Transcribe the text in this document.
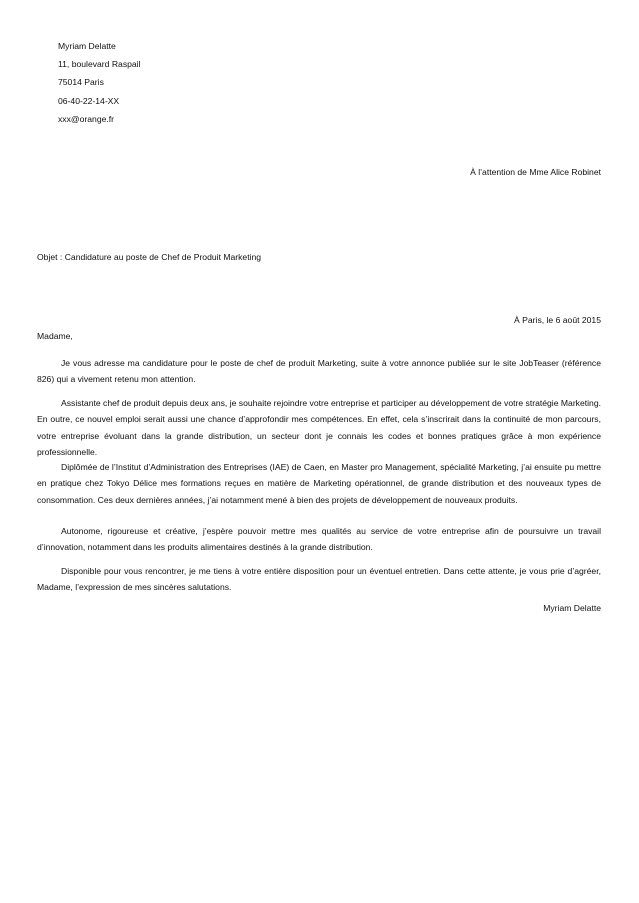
Myriam Delatte
11, boulevard Raspail
75014 Paris
06-40-22-14-XX
xxx@orange.fr
À l’attention de Mme Alice Robinet
Objet : Candidature au poste de Chef de Produit Marketing
À Paris, le 6 août 2015
Madame,

Je vous adresse ma candidature pour le poste de chef de produit Marketing, suite à votre annonce publiée sur le site JobTeaser (référence 826) qui a vivement retenu mon attention.

Assistante chef de produit depuis deux ans, je souhaite rejoindre votre entreprise et participer au développement de votre stratégie Marketing. En outre, ce nouvel emploi serait aussi une chance d’approfondir mes compétences. En effet, cela s’inscrirait dans la continuité de mon parcours, votre entreprise évoluant dans la grande distribution, un secteur dont je connais les codes et bonnes pratiques grâce à mon expérience professionnelle.

Diplômée de l’Institut d’Administration des Entreprises (IAE) de Caen, en Master pro Management, spécialité Marketing, j’ai ensuite pu mettre en pratique chez Tokyo Délice mes formations reçues en matière de Marketing opérationnel, de grande distribution et des nouveaux types de consommation. Ces deux dernières années, j’ai notamment mené à bien des projets de développement de nouveaux produits.

Autonome, rigoureuse et créative, j’espère pouvoir mettre mes qualités au service de votre entreprise afin de poursuivre un travail d’innovation, notamment dans les produits alimentaires destinés à la grande distribution.

Disponible pour vous rencontrer, je me tiens à votre entière disposition pour un éventuel entretien. Dans cette attente, je vous prie d’agréer, Madame, l’expression de mes sincères salutations.

Myriam Delatte
